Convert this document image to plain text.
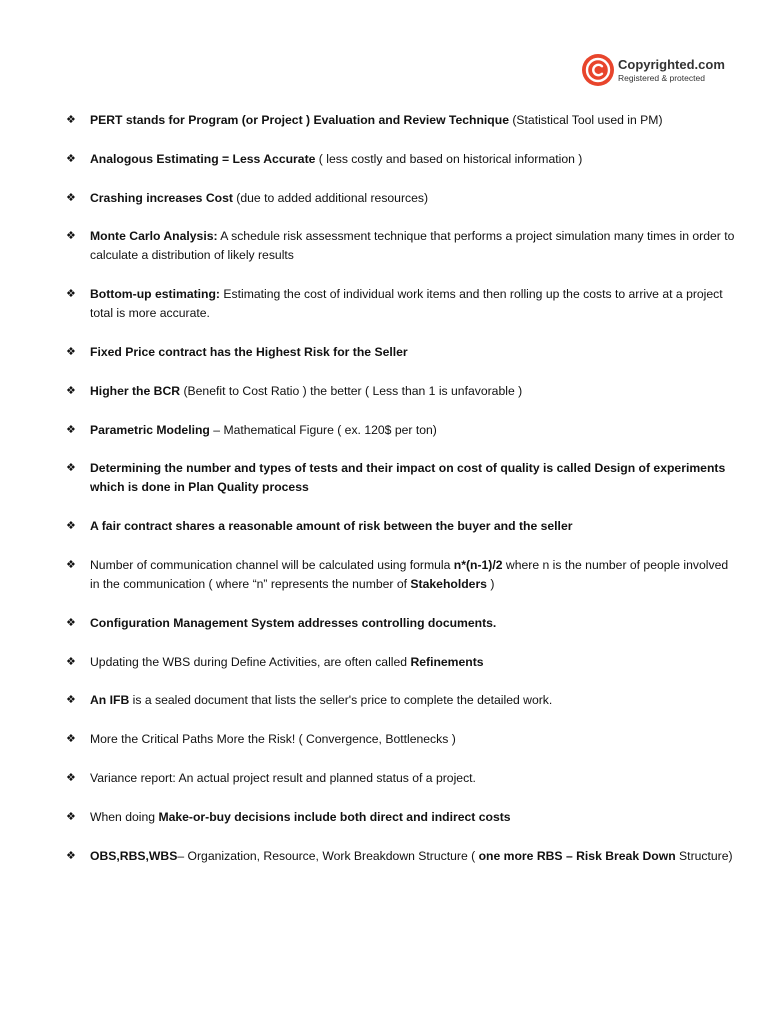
Copyrighted.com
Registered & protected
❖	PERT stands for Program (or Project ) Evaluation and Review Technique (Statistical Tool used in PM)
❖	Analogous Estimating = Less Accurate ( less costly and based on historical information )
❖	Crashing increases Cost (due to added additional resources)
❖	Monte Carlo Analysis: A schedule risk assessment technique that performs a project simulation many times in order to calculate a distribution of likely results
❖	Bottom-up estimating: Estimating the cost of individual work items and then rolling up the costs to arrive at a project total is more accurate.
❖	Fixed Price contract has the Highest Risk for the Seller
❖	Higher the BCR (Benefit to Cost Ratio ) the better ( Less than 1 is unfavorable )
❖	Parametric Modeling – Mathematical Figure ( ex. 120$ per ton)
❖	Determining the number and types of tests and their impact on cost of quality is called Design of experiments which is done in Plan Quality process
❖	A fair contract shares a reasonable amount of risk between the buyer and the seller
❖	Number of communication channel will be calculated using formula n*(n-1)/2 where n is the number of people involved in the communication ( where “n” represents the number of Stakeholders )
❖	Configuration Management System addresses controlling documents.
❖	Updating the WBS during Define Activities, are often called Refinements
❖	An IFB is a sealed document that lists the seller's price to complete the detailed work.
❖	More the Critical Paths More the Risk! ( Convergence, Bottlenecks )
❖	Variance report: An actual project result and planned status of a project.
❖	When doing Make-or-buy decisions include both direct and indirect costs
❖	OBS,RBS,WBS– Organization, Resource, Work Breakdown Structure ( one more RBS – Risk Break Down Structure)
